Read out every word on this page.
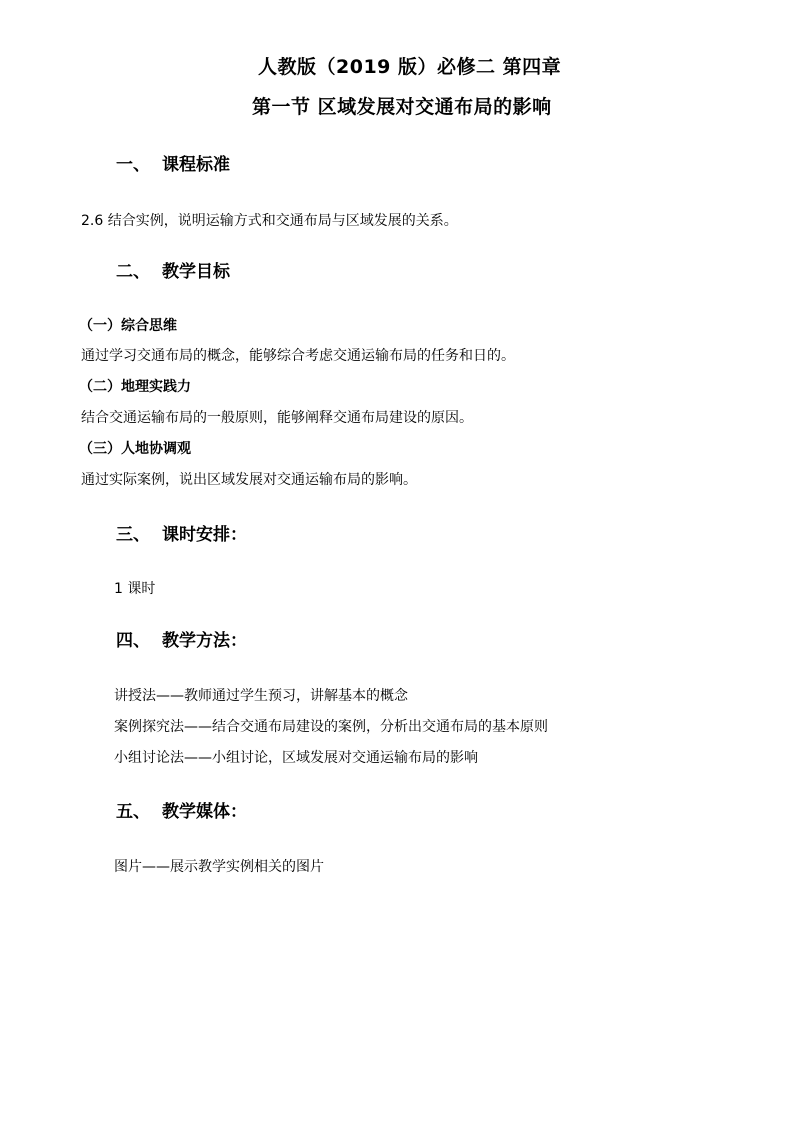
人教版（2019 版）必修二 第四章
第一节 区域发展对交通布局的影响
一、 课程标准
2.6 结合实例，说明运输方式和交通布局与区域发展的关系。
二、 教学目标
（一）综合思维
通过学习交通布局的概念，能够综合考虑交通运输布局的任务和日的。
（二）地理实践力
结合交通运输布局的一般原则，能够阐释交通布局建设的原因。
（三）人地协调观
通过实际案例，说出区域发展对交通运输布局的影响。
三、 课时安排：
1 课时
四、 教学方法：
讲授法——教师通过学生预习，讲解基本的概念
案例探究法——结合交通布局建设的案例，分析出交通布局的基本原则
小组讨论法——小组讨论，区域发展对交通运输布局的影响
五、 教学媒体：
图片——展示教学实例相关的图片
